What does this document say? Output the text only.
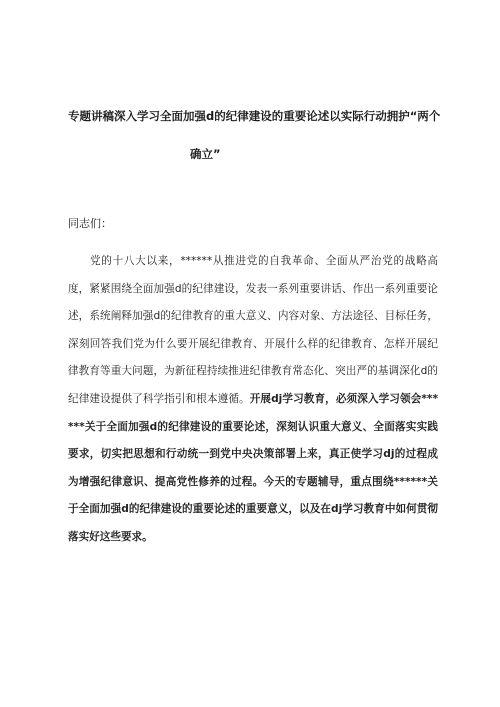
专题讲稿深入学习全面加强d的纪律建设的重要论述以实际行动拥护“两个
确立”
同志们：
党的十八大以来，******从推进党的自我革命、全面从严治党的战略高度，紧紧围绕全面加强d的纪律建设，发表一系列重要讲话、作出一系列重要论述，系统阐释加强d的纪律教育的重大意义、内容对象、方法途径、目标任务，深刻回答我们党为什么要开展纪律教育、开展什么样的纪律教育、怎样开展纪律教育等重大问题，为新征程持续推进纪律教育常态化、突出严的基调深化d的纪律建设提供了科学指引和根本遵循。开展dj学习教育，必须深入学习领会******关于全面加强d的纪律建设的重要论述，深刻认识重大意义、全面落实实践要求，切实把思想和行动统一到党中央决策部署上来，真正使学习dj的过程成为增强纪律意识、提高党性修养的过程。今天的专题辅导，重点围绕******关于全面加强d的纪律建设的重要论述的重要意义，以及在dj学习教育中如何贯彻落实好这些要求。
